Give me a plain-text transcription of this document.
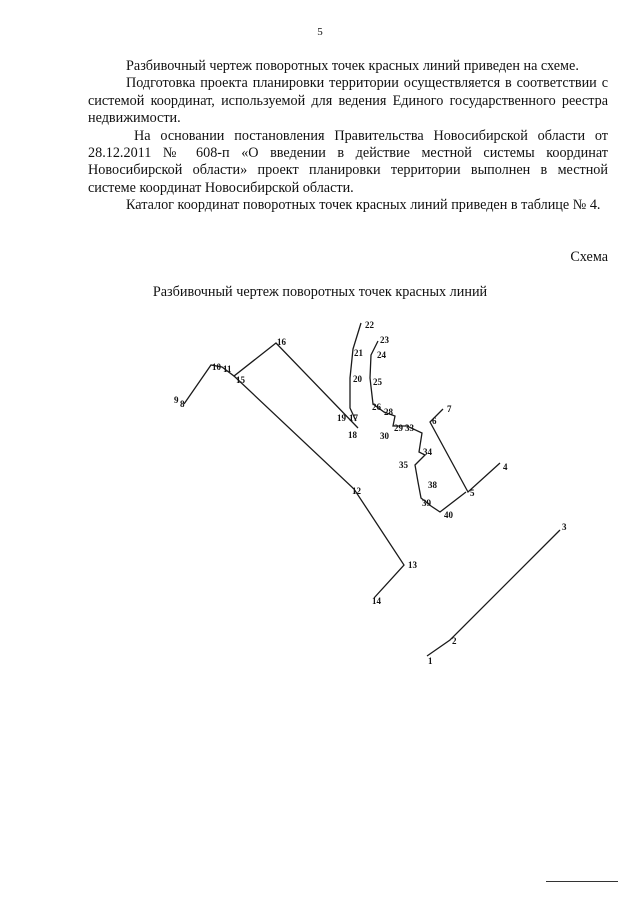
5

Разбивочный чертеж поворотных точек красных линий приведен на схеме.

Подготовка проекта планировки территории осуществляется в соответствии с системой координат, используемой для ведения Единого государственного реестра недвижимости.

На основании постановления Правительства Новосибирской области от 28.12.2011 № 608-п «О введении в действие местной системы координат Новосибирской области» проект планировки территории выполнен в местной системе координат Новосибирской области.

Каталог координат поворотных точек красных линий приведен в таблице № 4.

Схема
Разбивочный чертеж поворотных точек красных линий
1
2
3
4
5
6
7
8
9
10 11
12
13
14
15
16
17
18
19
20
21
22
23
24
25
26 28
29
30
33
34
35
38
39
40
